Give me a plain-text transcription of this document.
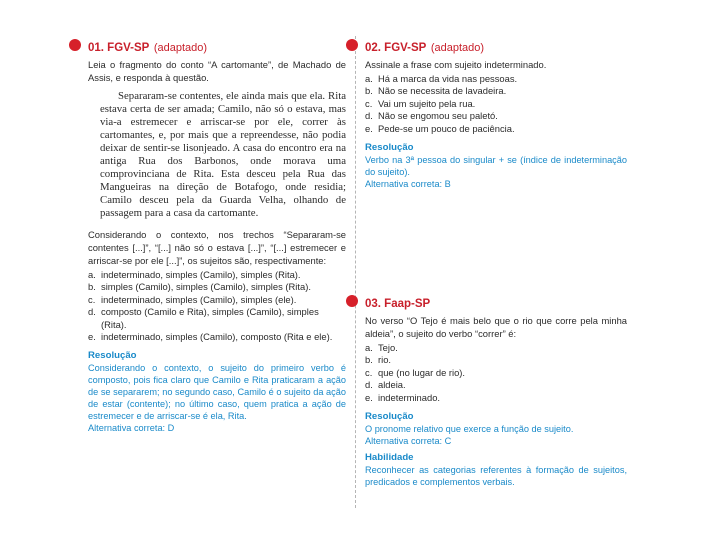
01. FGV-SP (adaptado)

Leia o fragmento do conto “A cartomante”, de Machado de Assis, e responda à questão.

Separaram-se contentes, ele ainda mais que ela. Rita estava certa de ser amada; Camilo, não só o estava, mas via-a estremecer e arriscar-se por ele, correr às cartomantes, e, por mais que a repreendesse, não podia deixar de sentir-se lisonjeado. A casa do encontro era na antiga Rua dos Barbonos, onde morava uma comprovinciana de Rita. Esta desceu pela Rua das Mangueiras na direção de Botafogo, onde residia; Camilo desceu pela da Guarda Velha, olhando de passagem para a casa da cartomante.

Considerando o contexto, nos trechos “Separaram-se contentes [...]”, “[...] não só o estava [...]”, “[...] estremecer e arriscar-se por ele [...]”, os sujeitos são, respectivamente:

a. indeterminado, simples (Camilo), simples (Rita).
b. simples (Camilo), simples (Camilo), simples (Rita).
c. indeterminado, simples (Camilo), simples (ele).
d. composto (Camilo e Rita), simples (Camilo), simples (Rita).
e. indeterminado, simples (Camilo), composto (Rita e ele).
Resolução
Considerando o contexto, o sujeito do primeiro verbo é composto, pois fica claro que Camilo e Rita praticaram a ação de se separarem; no segundo caso, Camilo é o sujeito da ação de estar (contente); no último caso, quem pratica a ação de estremecer e de arriscar-se é ela, Rita.
Alternativa correta: D
02. FGV-SP (adaptado)

Assinale a frase com sujeito indeterminado.

a. Há a marca da vida nas pessoas.
b. Não se necessita de lavadeira.
c. Vai um sujeito pela rua.
d. Não se engomou seu paletó.
e. Pede-se um pouco de paciência.
Resolução
Verbo na 3ª pessoa do singular + se (índice de indeterminação do sujeito).
Alternativa correta: B
03. Faap-SP

No verso “O Tejo é mais belo que o rio que corre pela minha aldeia”, o sujeito do verbo “correr” é:

a. Tejo.
b. rio.
c. que (no lugar de rio).
d. aldeia.
e. indeterminado.
Resolução
O pronome relativo que exerce a função de sujeito.
Alternativa correta: C
Habilidade
Reconhecer as categorias referentes à formação de sujeitos, predicados e complementos verbais.
